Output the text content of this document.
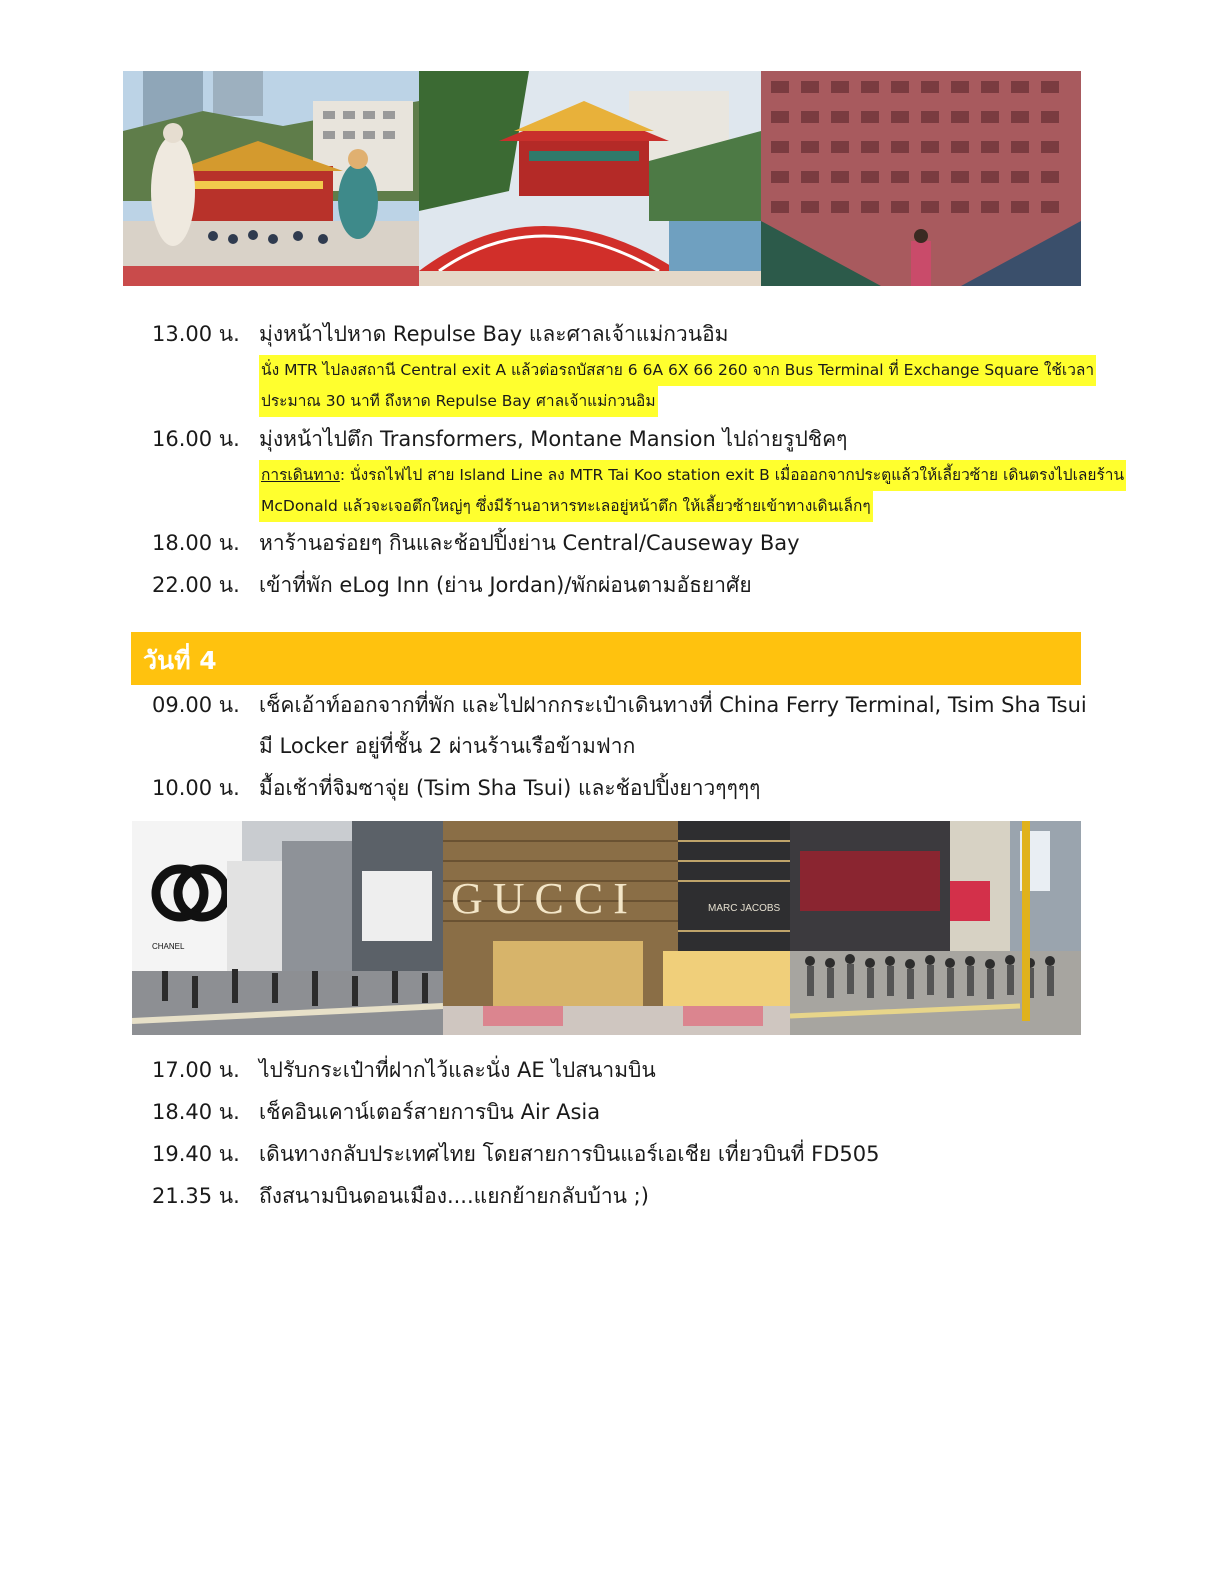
13.00 น. มุ่งหน้าไปหาด Repulse Bay และศาลเจ้าแม่กวนอิม
นั่ง MTR ไปลงสถานี Central exit A แล้วต่อรถบัสสาย 6 6A 6X 66 260 จาก Bus Terminal ที่ Exchange Square ใช้เวลา
ประมาณ 30 นาที ถึงหาด Repulse Bay ศาลเจ้าแม่กวนอิม
16.00 น. มุ่งหน้าไปตึก Transformers, Montane Mansion ไปถ่ายรูปชิคๆ
การเดินทาง: นั่งรถไฟไป สาย Island Line ลง MTR Tai Koo station exit B เมื่อออกจากประตูแล้วให้เลี้ยวซ้าย เดินตรงไปเลยร้าน
McDonald แล้วจะเจอตึกใหญ่ๆ ซึ่งมีร้านอาหารทะเลอยู่หน้าตึก ให้เลี้ยวซ้ายเข้าทางเดินเล็กๆ
18.00 น. หาร้านอร่อยๆ กินและช้อปปิ้งย่าน Central/Causeway Bay
22.00 น. เข้าที่พัก eLog Inn (ย่าน Jordan)/พักผ่อนตามอัธยาศัย
วันที่ 4
09.00 น. เช็คเอ้าท์ออกจากที่พัก และไปฝากกระเป๋าเดินทางที่ China Ferry Terminal, Tsim Sha Tsui
มี Locker อยู่ที่ชั้น 2 ผ่านร้านเรือข้ามฟาก
10.00 น. มื้อเช้าที่จิมซาจุ่ย (Tsim Sha Tsui) และช้อปปิ้งยาวๆๆๆๆ
CHANEL
GUCCI	MARC JACOBS
17.00 น. ไปรับกระเป๋าที่ฝากไว้และนั่ง AE ไปสนามบิน
18.40 น. เช็คอินเคาน์เตอร์สายการบิน Air Asia
19.40 น. เดินทางกลับประเทศไทย โดยสายการบินแอร์เอเชีย เที่ยวบินที่ FD505
21.35 น. ถึงสนามบินดอนเมือง....แยกย้ายกลับบ้าน ;)
